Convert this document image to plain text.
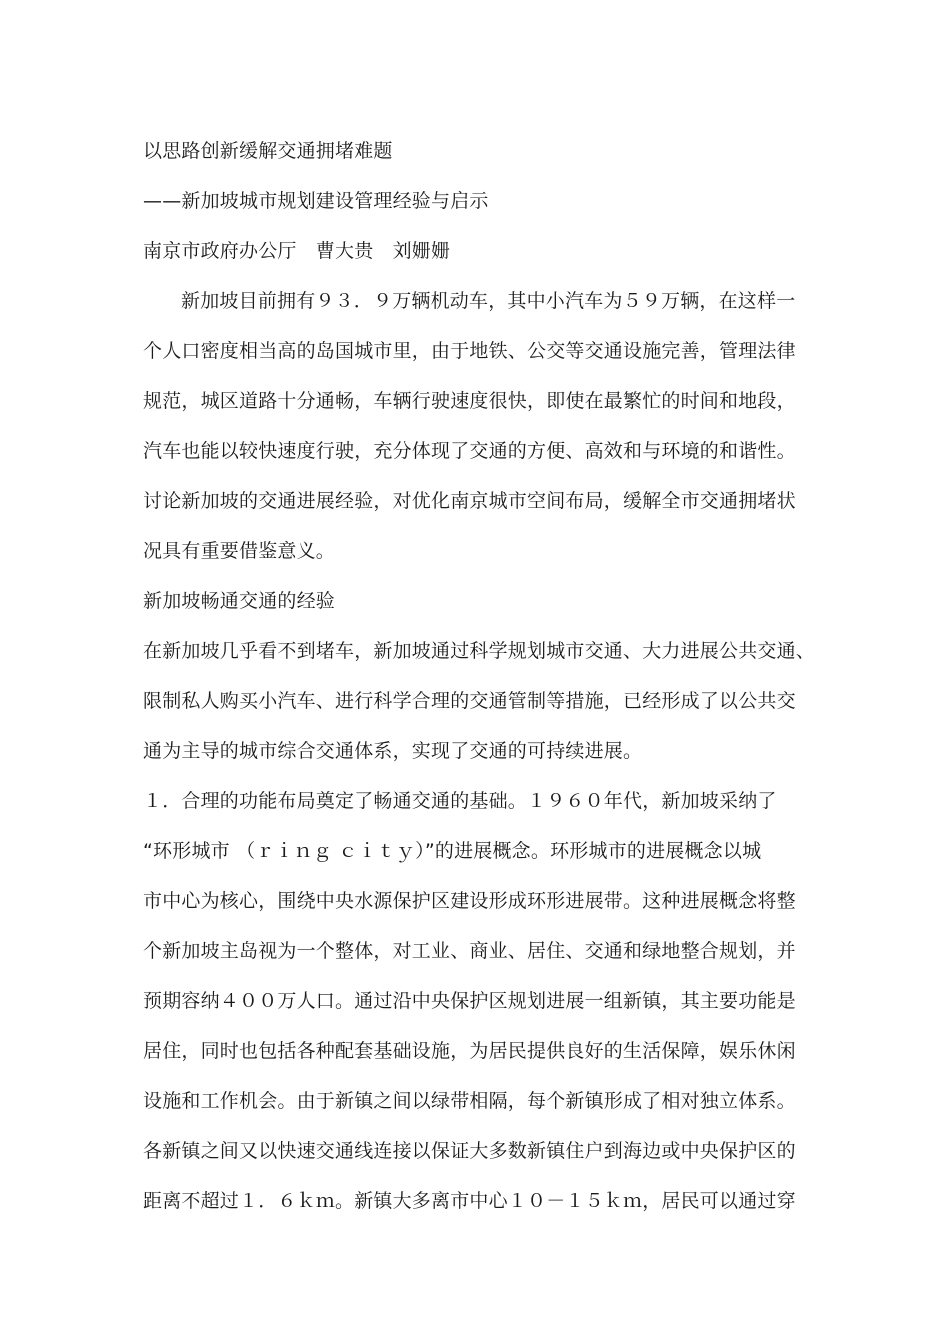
以思路创新缓解交通拥堵难题
——新加坡城市规划建设管理经验与启示
南京市政府办公厅　曹大贵　刘姗姗
新加坡目前拥有９３．９万辆机动车，其中小汽车为５９万辆，在这样一
个人口密度相当高的岛国城市里，由于地铁、公交等交通设施完善，管理法律
规范，城区道路十分通畅，车辆行驶速度很快，即使在最繁忙的时间和地段，
汽车也能以较快速度行驶，充分体现了交通的方便、高效和与环境的和谐性。
讨论新加坡的交通进展经验，对优化南京城市空间布局，缓解全市交通拥堵状
况具有重要借鉴意义。
新加坡畅通交通的经验
在新加坡几乎看不到堵车，新加坡通过科学规划城市交通、大力进展公共交通、
限制私人购买小汽车、进行科学合理的交通管制等措施，已经形成了以公共交
通为主导的城市综合交通体系，实现了交通的可持续进展。
１．合理的功能布局奠定了畅通交通的基础。１９６０年代，新加坡采纳了
“环形城市 （ｒｉｎｇ ｃｉｔｙ）”的进展概念。环形城市的进展概念以城
市中心为核心，围绕中央水源保护区建设形成环形进展带。这种进展概念将整
个新加坡主岛视为一个整体，对工业、商业、居住、交通和绿地整合规划，并
预期容纳４００万人口。通过沿中央保护区规划进展一组新镇，其主要功能是
居住，同时也包括各种配套基础设施，为居民提供良好的生活保障，娱乐休闲
设施和工作机会。由于新镇之间以绿带相隔，每个新镇形成了相对独立体系。
各新镇之间又以快速交通线连接以保证大多数新镇住户到海边或中央保护区的
距离不超过１．６ｋｍ。新镇大多离市中心１０－１５ｋｍ，居民可以通过穿
